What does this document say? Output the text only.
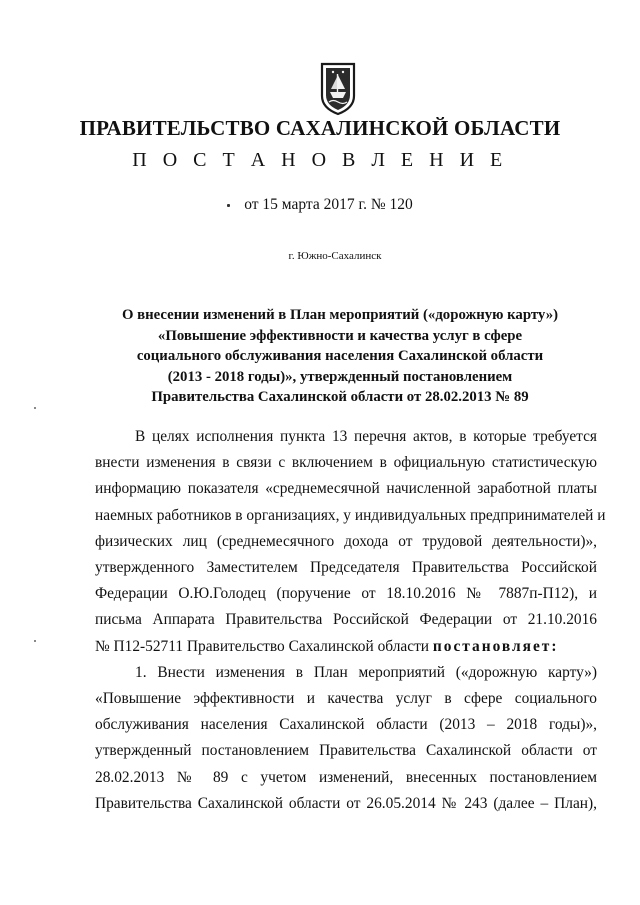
ПРАВИТЕЛЬСТВО САХАЛИНСКОЙ ОБЛАСТИ
П О С Т А Н О В Л Е Н И Е
от 15 марта 2017 г. № 120
г. Южно-Сахалинск
О внесении изменений в План мероприятий («дорожную карту»)
«Повышение эффективности и качества услуг в сфере
социального обслуживания населения Сахалинской области
(2013 - 2018 годы)», утвержденный постановлением
Правительства Сахалинской области от 28.02.2013 № 89
В целях исполнения пункта 13 перечня актов, в которые требуется
внести изменения в связи с включением в официальную статистическую
информацию показателя «среднемесячной начисленной заработной платы
наемных работников в организациях, у индивидуальных предпринимателей и
физических лиц (среднемесячного дохода от трудовой деятельности)»,
утвержденного Заместителем Председателя Правительства Российской
Федерации О.Ю.Голодец (поручение от 18.10.2016 № 7887п-П12), и
письма Аппарата Правительства Российской Федерации от 21.10.2016
№ П12-52711 Правительство Сахалинской области постановляет:
1. Внести изменения в План мероприятий («дорожную карту»)
«Повышение эффективности и качества услуг в сфере социального
обслуживания населения Сахалинской области (2013 – 2018 годы)»,
утвержденный постановлением Правительства Сахалинской области от
28.02.2013 № 89 с учетом изменений, внесенных постановлением
Правительства Сахалинской области от 26.05.2014 № 243 (далее – План),
